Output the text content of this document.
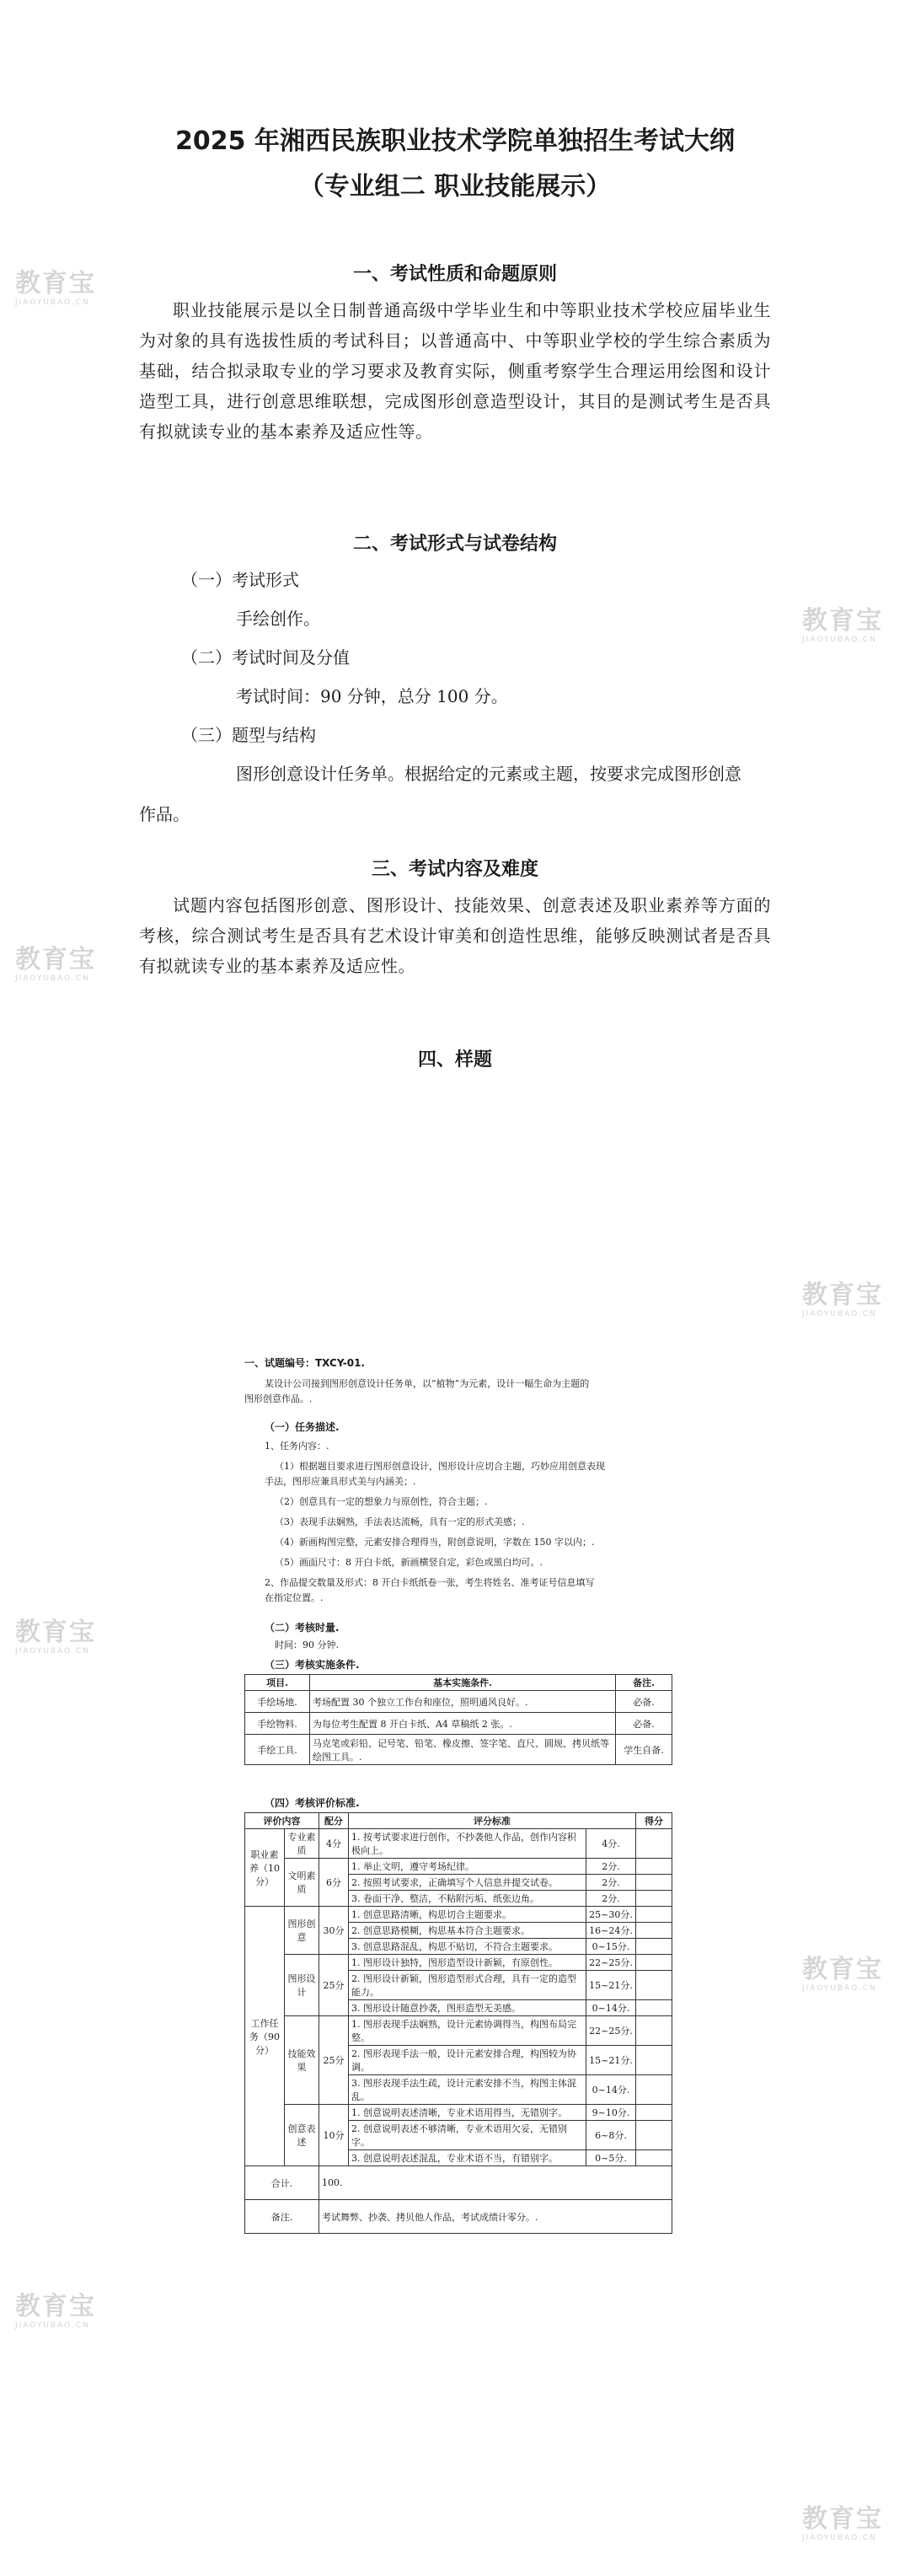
2025 年湘西民族职业技术学院单独招生考试大纲
（专业组二 职业技能展示）
一、考试性质和命题原则
职业技能展示是以全日制普通高级中学毕业生和中等职业技术学校应届毕业生为对象的具有选拔性质的考试科目；以普通高中、中等职业学校的学生综合素质为基础，结合拟录取专业的学习要求及教育实际，侧重考察学生合理运用绘图和设计造型工具，进行创意思维联想，完成图形创意造型设计，其目的是测试考生是否具有拟就读专业的基本素养及适应性等。
二、考试形式与试卷结构
（一）考试形式
手绘创作。
（二）考试时间及分值
考试时间：90 分钟，总分 100 分。
（三）题型与结构
图形创意设计任务单。根据给定的元素或主题，按要求完成图形创意
作品。
三、考试内容及难度
试题内容包括图形创意、图形设计、技能效果、创意表述及职业素养等方面的考核，综合测试考生是否具有艺术设计审美和创造性思维，能够反映测试者是否具有拟就读专业的基本素养及适应性。
四、样题
一、试题编号：TXCY-01.
某设计公司接到图形创意设计任务单，以“植物”为元素，设计一幅生命为主题的
图形创意作品。.
（一）任务描述.
1、任务内容：.
（1）根据题目要求进行图形创意设计，图形设计应切合主题，巧妙应用创意表现
手法，图形应兼具形式美与内涵美；.
（2）创意具有一定的想象力与原创性，符合主题；.
（3）表现手法娴熟，手法表达流畅，具有一定的形式美感；.
（4）新画构图完整，元素安排合理得当，附创意说明，字数在 150 字以内；.
（5）画面尺寸：8 开白卡纸，新画横竖自定，彩色或黑白均可。.
2、作品提交数量及形式：8 开白卡纸纸卷一张，考生将姓名、准考证号信息填写
在指定位置。.
（二）考核时量.
时间：90 分钟.
（三）考核实施条件.
项目.	基本实施条件.	备注.
手绘场地.	考场配置 30 个独立工作台和座位，照明通风良好。.	必备.
手绘物料.	为每位考生配置 8 开白卡纸、A4 草稿纸 2 张。.	必备.
手绘工具.	马克笔或彩铅、记号笔、铅笔、橡皮擦、签字笔、直尺、圆规、拷贝纸等绘图工具。.	学生自备.
（四）考核评价标准.
评价内容		配分	评分标准		得分
职业素养（10分）	专业素质	4分	1. 按考试要求进行创作，不抄袭他人作品，创作内容积极向上。	4分.	
	文明素质	6分	1. 举止文明，遵守考场纪律。	2分.	
			2. 按照考试要求，正确填写个人信息并提交试卷。	2分.	
			3. 卷面干净、整洁，不粘附污垢、纸张边角。	2分.	
工作任务（90分）	图形创意	30分	1. 创意思路清晰，构思切合主题要求。	25~30分.	
			2. 创意思路模糊，构思基本符合主题要求。	16~24分.	
			3. 创意思路混乱，构思不贴切，不符合主题要求。	0~15分.	
	图形设计	25分	1. 图形设计独特，图形造型设计新颖，有原创性。	22~25分.	
			2. 图形设计新颖，图形造型形式合理，具有一定的造型能力。	15~21分.	
			3. 图形设计随意抄袭，图形造型无美感。	0~14分.	
	技能效果	25分	1. 图形表现手法娴熟，设计元素协调得当，构图布局完整。	22~25分.	
			2. 图形表现手法一般，设计元素安排合理，构图较为协调。	15~21分.	
			3. 图形表现手法生疏，设计元素安排不当，构图主体混乱。	0~14分.	
	创意表述	10分	1. 创意说明表述清晰，专业术语用得当，无错别字。	9~10分.	
			2. 创意说明表述不够清晰，专业术语用欠妥，无错别字。	6~8分.	
			3. 创意说明表述混乱，专业术语不当，有错别字。	0~5分.	
合计.		100.			
备注.		考试舞弊、抄袭、拷贝他人作品，考试成绩计零分。.			
教育宝
JIAOYUBAO.CN
教育宝
JIAOYUBAO.CN
教育宝
JIAOYUBAO.CN
教育宝
JIAOYUBAO.CN
教育宝
JIAOYUBAO.CN
教育宝
JIAOYUBAO.CN
教育宝
JIAOYUBAO.CN
教育宝
JIAOYUBAO.CN
